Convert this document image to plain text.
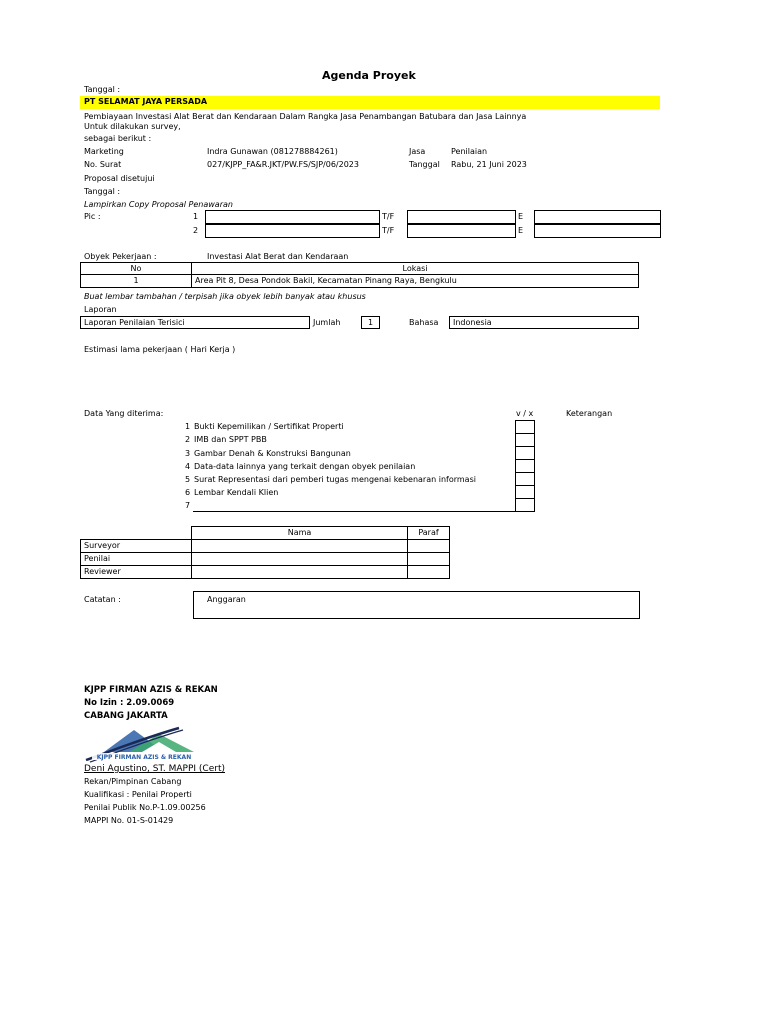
Agenda Proyek
Tanggal :
PT SELAMAT JAYA PERSADA
Pembiayaan Investasi Alat Berat dan Kendaraan Dalam Rangka Jasa Penambangan Batubara dan Jasa Lainnya
Untuk dilakukan survey,
sebagai berikut :
Marketing	Indra Gunawan (081278884261)	Jasa	Penilaian
No. Surat	027/KJPP_FA&R.JKT/PW.FS/SJP/06/2023	Tanggal Rabu, 21 Juni 2023
Proposal disetujui
Tanggal :
Lampirkan Copy Proposal Penawaran
Pic :	1	T/F	E
2	T/F	E
Obyek Pekerjaan :	Investasi Alat Berat dan Kendaraan
No	Lokasi
1	Area Pit 8, Desa Pondok Bakil, Kecamatan Pinang Raya, Bengkulu
Buat lembar tambahan / terpisah jika obyek lebih banyak atau khusus
Laporan
Laporan Penilaian Terisici	Jumlah	1	Bahasa Indonesia
Estimasi lama pekerjaan ( Hari Kerja )
Data Yang diterima:	v / x	Keterangan
1 Bukti Kepemilikan / Sertifikat Properti
2 IMB dan SPPT PBB
3 Gambar Denah & Konstruksi Bangunan
4 Data-data lainnya yang terkait dengan obyek penilaian
5 Surat Representasi dari pemberi tugas mengenai kebenaran informasi
6 Lembar Kendali Klien
7
Nama	Paraf
Surveyor
Penilai
Reviewer
Catatan :	Anggaran
KJPP FIRMAN AZIS & REKAN
No Izin : 2.09.0069
CABANG JAKARTA
KJPP FIRMAN AZIS & REKAN
Deni Agustino, ST. MAPPI (Cert)
Rekan/Pimpinan Cabang
Kualifikasi : Penilai Properti
Penilai Publik No.P-1.09.00256
MAPPI No. 01-S-01429
